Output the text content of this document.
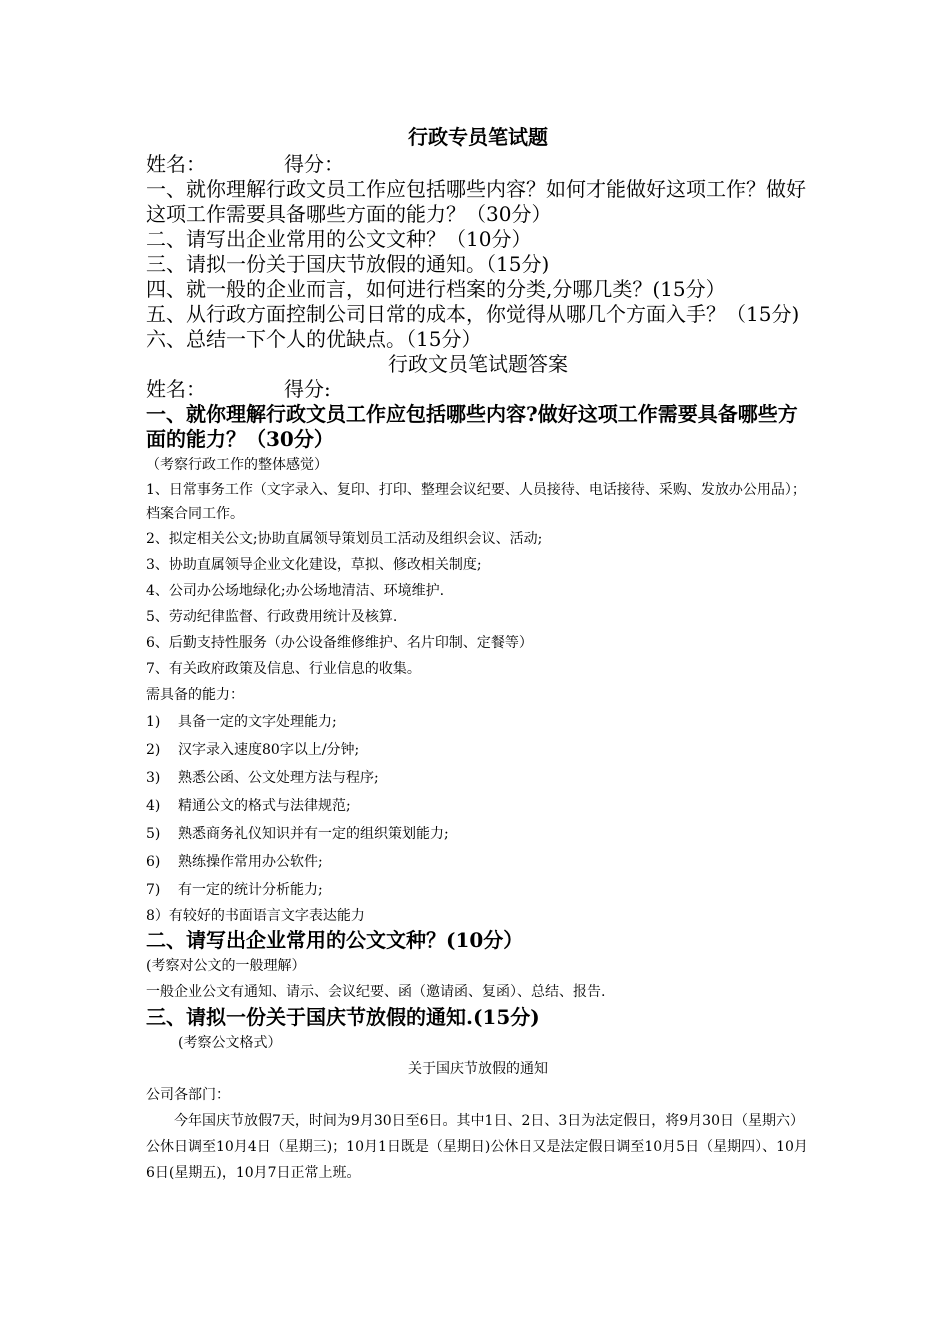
行政专员笔试题
姓名：	得分：
一、就你理解行政文员工作应包括哪些内容？如何才能做好这项工作？做好这项工作需要具备哪些方面的能力？（30分）
二、请写出企业常用的公文文种？（10分）
三、请拟一份关于国庆节放假的通知。（15分)
四、就一般的企业而言，如何进行档案的分类,分哪几类？(15分）
五、从行政方面控制公司日常的成本，你觉得从哪几个方面入手？（15分)
六、总结一下个人的优缺点。（15分）
行政文员笔试题答案
姓名：	得分:
一、就你理解行政文员工作应包括哪些内容?做好这项工作需要具备哪些方面的能力？（30分）
（考察行政工作的整体感觉）
1、日常事务工作（文字录入、复印、打印、整理会议纪要、人员接待、电话接待、采购、发放办公用品）；档案合同工作。
2、拟定相关公文;协助直属领导策划员工活动及组织会议、活动;
3、协助直属领导企业文化建设，草拟、修改相关制度;
4、公司办公场地绿化;办公场地清洁、环境维护.
5、劳动纪律监督、行政费用统计及核算.
6、后勤支持性服务（办公设备维修维护、名片印制、定餐等）
7、有关政府政策及信息、行业信息的收集。
需具备的能力：
1)	具备一定的文字处理能力;
2)	汉字录入速度80字以上/分钟;
3)	熟悉公函、公文处理方法与程序;
4)	精通公文的格式与法律规范;
5)	熟悉商务礼仪知识并有一定的组织策划能力;
6)	熟练操作常用办公软件;
7)	有一定的统计分析能力;
8）有较好的书面语言文字表达能力
二、请写出企业常用的公文文种？(10分）
(考察对公文的一般理解）
一般企业公文有通知、请示、会议纪要、函（邀请函、复函）、总结、报告.
三、请拟一份关于国庆节放假的通知.(15分)
(考察公文格式）
关于国庆节放假的通知
公司各部门：
今年国庆节放假7天，时间为9月30日至6日。其中1日、2日、3日为法定假日，将9月30日（星期六）公休日调至10月4日（星期三)；10月1日既是（星期日)公休日又是法定假日调至10月5日（星期四）、10月6日(星期五)，10月7日正常上班。
